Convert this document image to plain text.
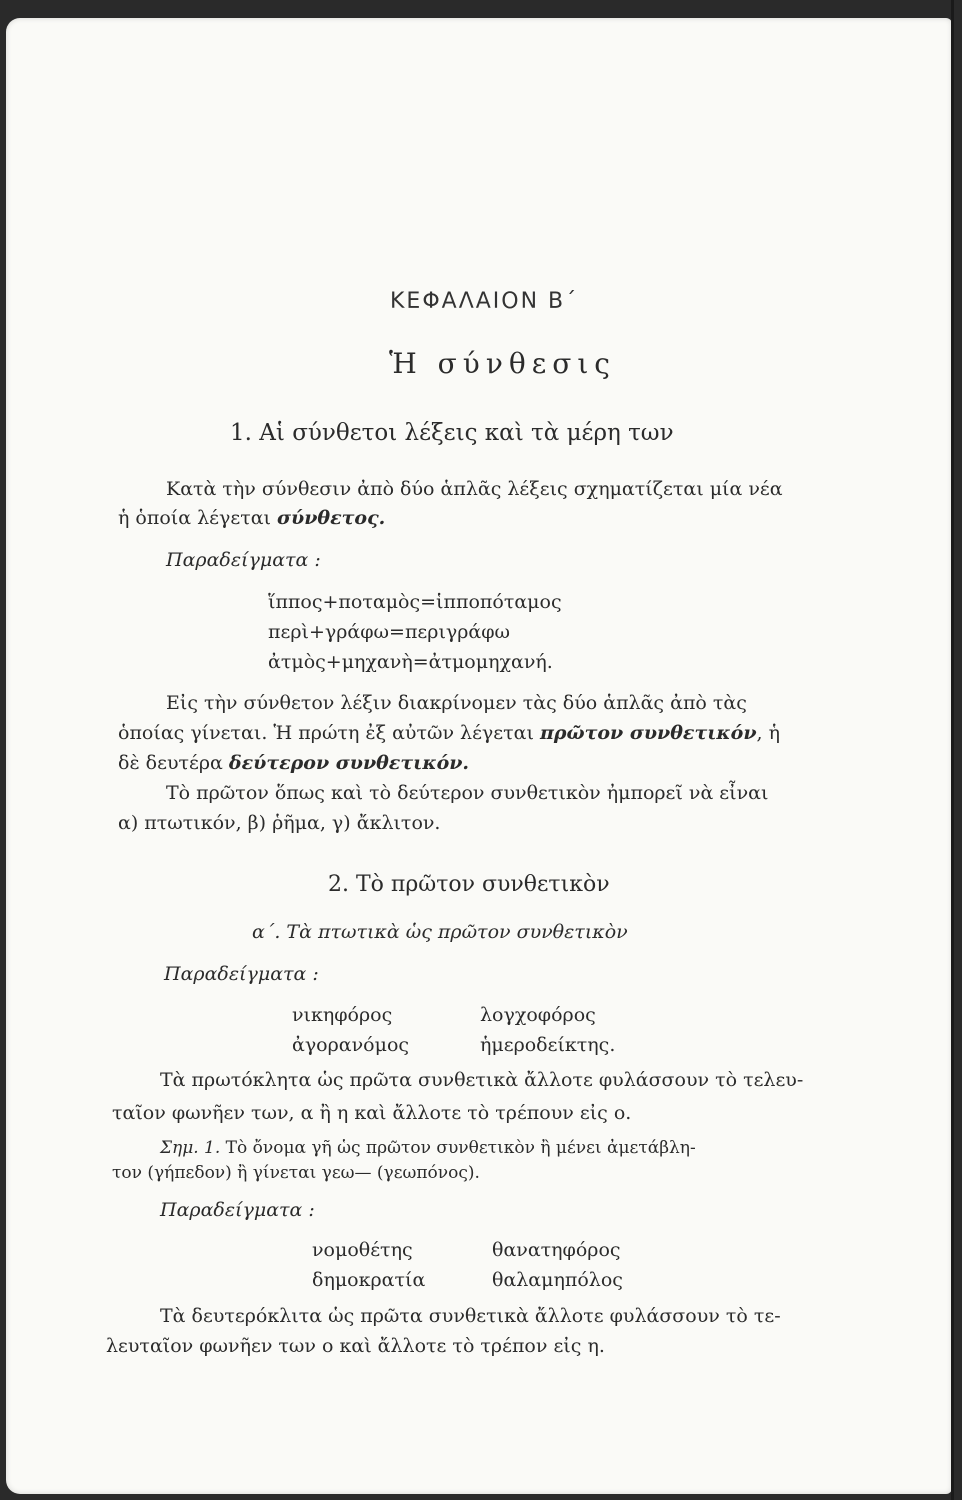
ΚΕΦΑΛΑΙΟΝ Β΄
Ἡ σύνθεσις
1. Αἱ σύνθετοι λέξεις καὶ τὰ μέρη των
Κατὰ τὴν σύνθεσιν ἀπὸ δύο ἁπλᾶς λέξεις σχηματίζεται μία νέα
ἡ ὁποία λέγεται σύνθετος.
Παραδείγματα :
ἵππος+ποταμὸς=ἱπποπόταμος
περὶ+γράφω=περιγράφω
ἀτμὸς+μηχανὴ=ἀτμομηχανή.
Εἰς τὴν σύνθετον λέξιν διακρίνομεν τὰς δύο ἁπλᾶς ἀπὸ τὰς
ὁποίας γίνεται. Ἡ πρώτη ἐξ αὐτῶν λέγεται πρῶτον συνθετικόν, ἡ
δὲ δευτέρα δεύτερον συνθετικόν.
Τὸ πρῶτον ὅπως καὶ τὸ δεύτερον συνθετικὸν ἠμπορεῖ νὰ εἶναι
α) πτωτικόν, β) ῥῆμα, γ) ἄκλιτον.
2. Τὸ πρῶτον συνθετικὸν
α΄. Τὰ πτωτικὰ ὡς πρῶτον συνθετικὸν
Παραδείγματα :
νικηφόρος
ἀγορανόμος
λογχοφόρος
ἡμεροδείκτης.
Τὰ πρωτόκλητα ὡς πρῶτα συνθετικὰ ἄλλοτε φυλάσσουν τὸ τελευ-
ταῖον φωνῆεν των, α ἢ η καὶ ἄλλοτε τὸ τρέπουν εἰς ο.
Σημ. 1. Τὸ ὄνομα γῆ ὡς πρῶτον συνθετικὸν ἢ μένει ἀμετάβλη-
τον (γήπεδον) ἢ γίνεται γεω— (γεωπόνος).
Παραδείγματα :
νομοθέτης
δημοκρατία
θανατηφόρος
θαλαμηπόλος
Τὰ δευτερόκλιτα ὡς πρῶτα συνθετικὰ ἄλλοτε φυλάσσουν τὸ τε-
λευταῖον φωνῆεν των ο καὶ ἄλλοτε τὸ τρέπον εἰς η.
